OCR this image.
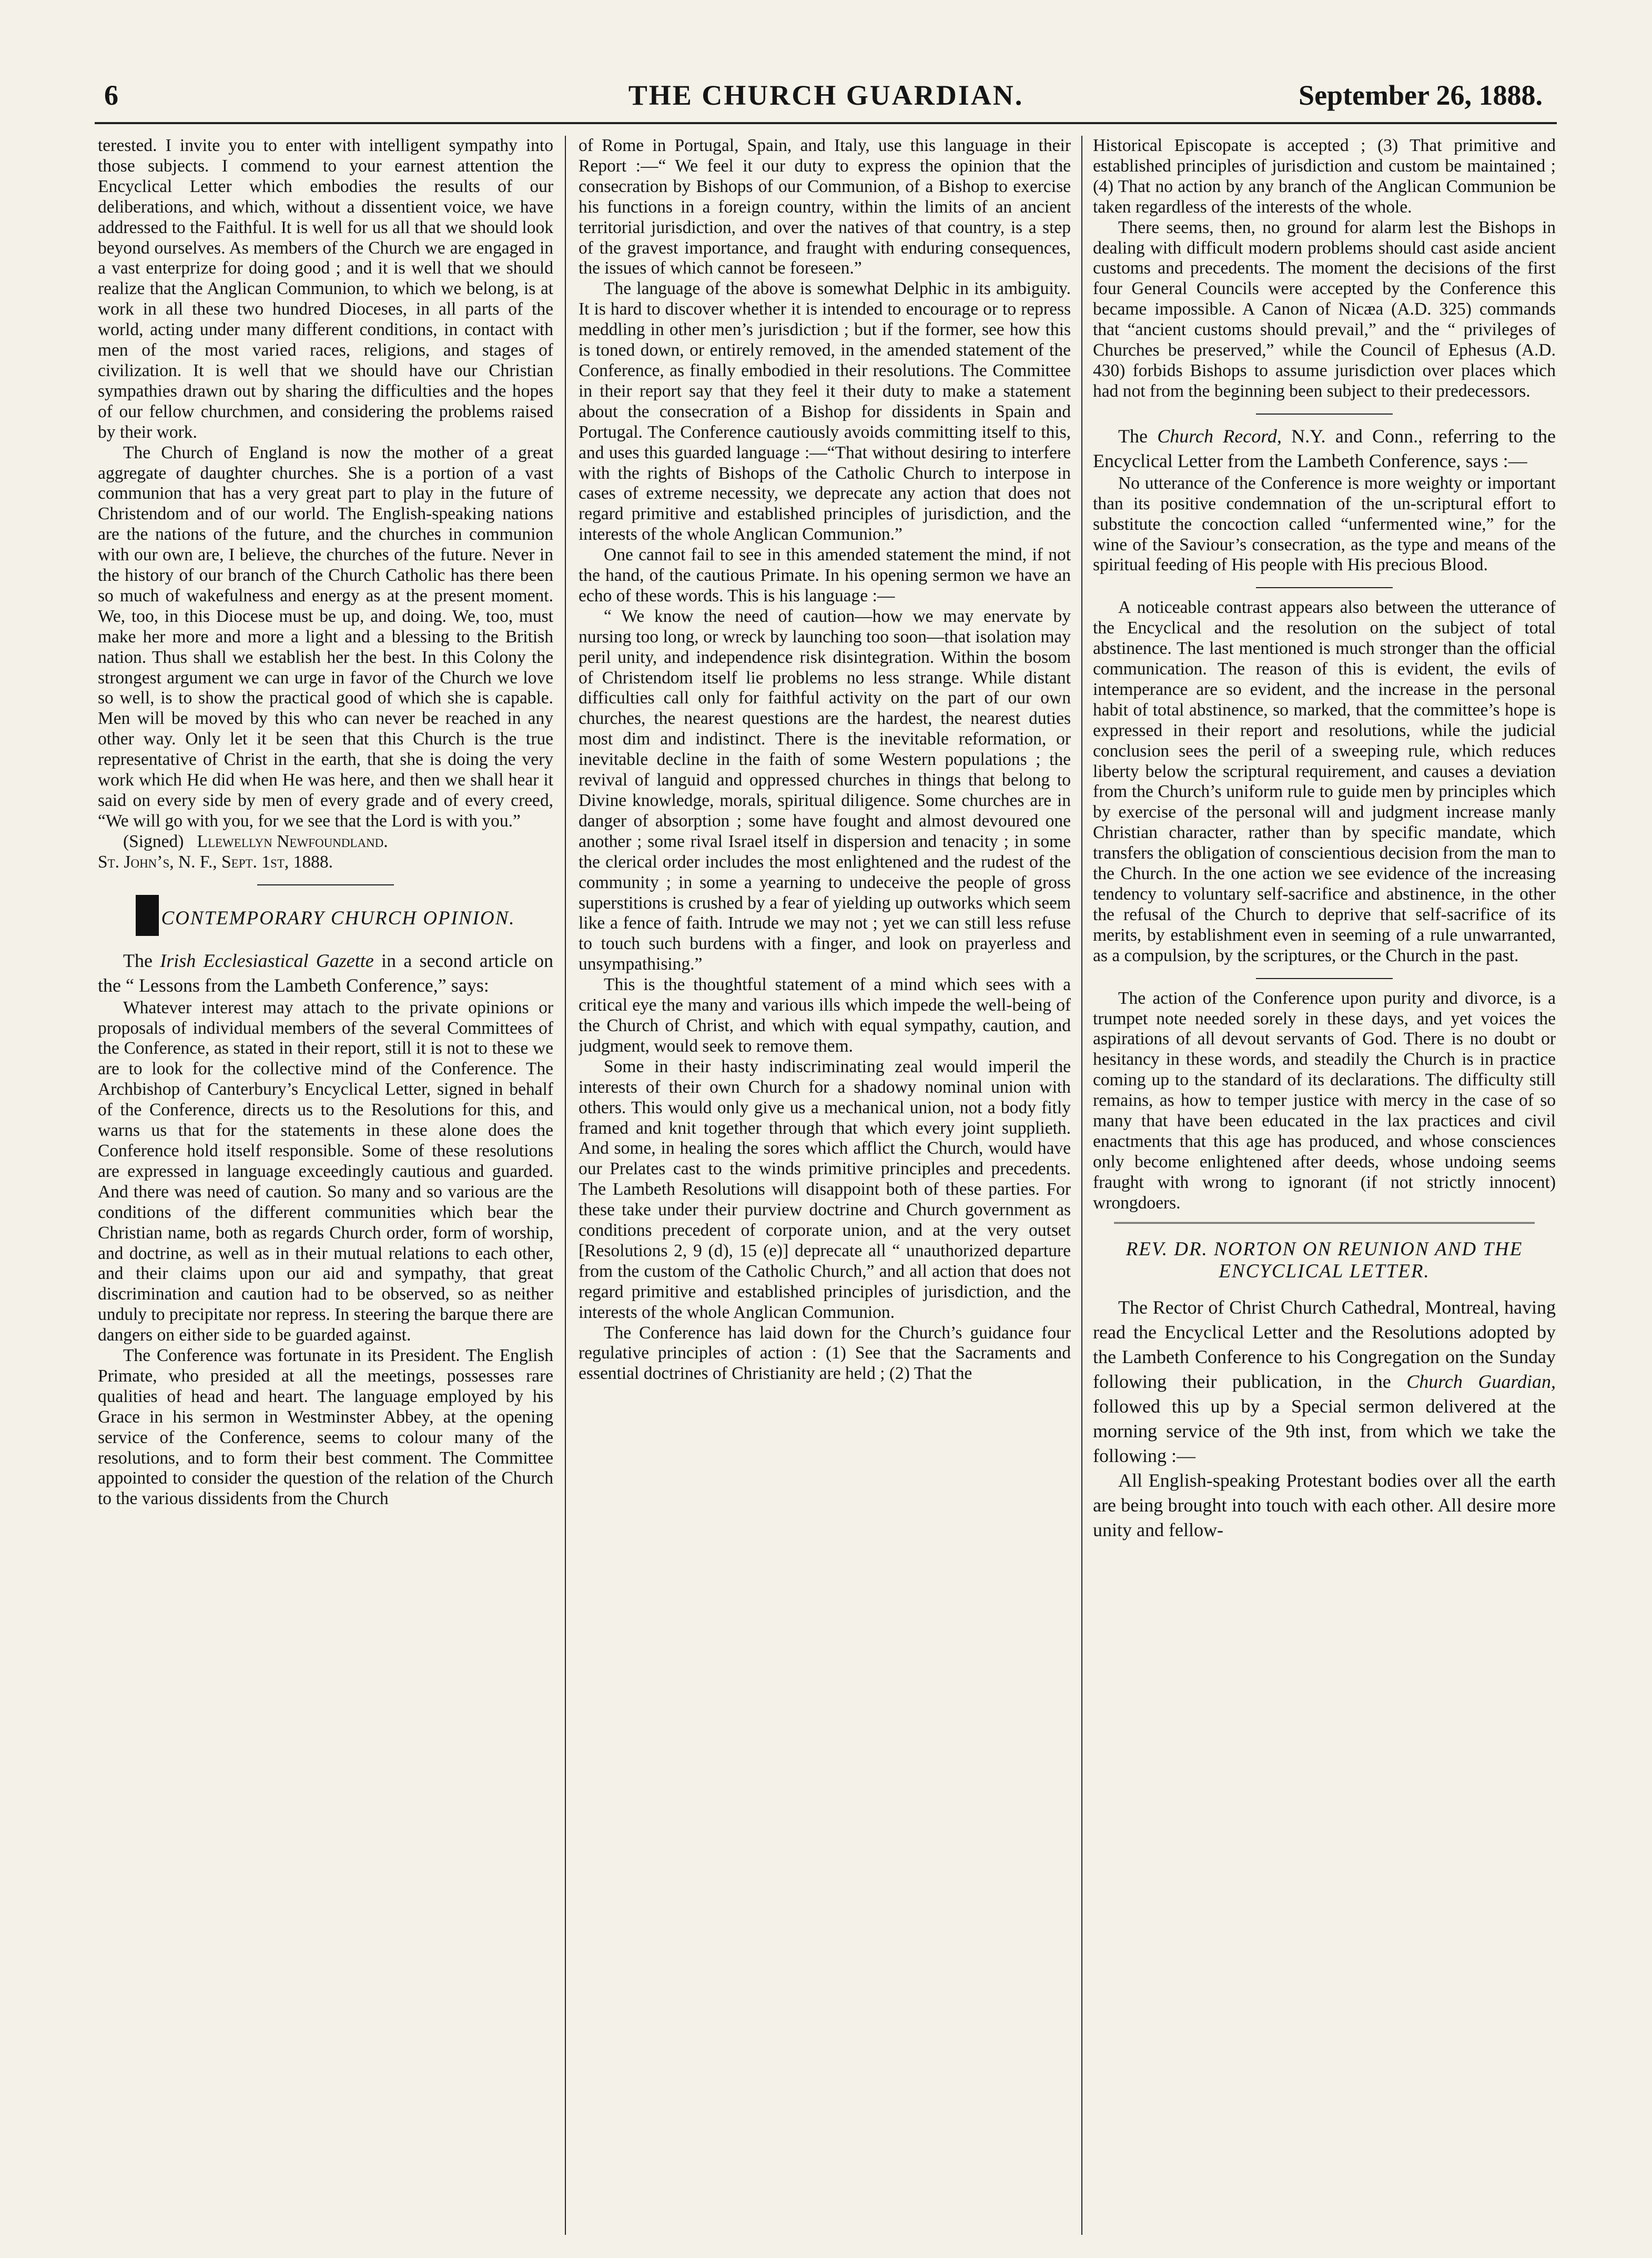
6	THE CHURCH GUARDIAN.	September 26, 1888.

terested. I invite you to enter with intelligent sympathy into those subjects. I commend to your earnest attention the Encyclical Letter which embodies the results of our deliberations, and which, without a dissentient voice, we have addressed to the Faithful. It is well for us all that we should look beyond ourselves. As members of the Church we are engaged in a vast enterprize for doing good ; and it is well that we should realize that the Anglican Communion, to which we belong, is at work in all these two hundred Dioceses, in all parts of the world, acting under many different conditions, in contact with men of the most varied races, religions, and stages of civilization. It is well that we should have our Christian sympathies drawn out by sharing the difficulties and the hopes of our fellow churchmen, and considering the problems raised by their work.

The Church of England is now the mother of a great aggregate of daughter churches. She is a portion of a vast communion that has a very great part to play in the future of Christendom and of our world. The English-speaking nations are the nations of the future, and the churches in communion with our own are, I believe, the churches of the future. Never in the history of our branch of the Church Catholic has there been so much of wakefulness and energy as at the present moment. We, too, in this Diocese must be up, and doing. We, too, must make her more and more a light and a blessing to the British nation. Thus shall we establish her the best. In this Colony the strongest argument we can urge in favor of the Church we love so well, is to show the practical good of which she is capable. Men will be moved by this who can never be reached in any other way. Only let it be seen that this Church is the true representative of Christ in the earth, that she is doing the very work which He did when He was here, and then we shall hear it said on every side by men of every grade and of every creed, “We will go with you, for we see that the Lord is with you.”

(Signed) Llewellyn Newfoundland.

St. John’s, N. F., Sept. 1st, 1888.

CONTEMPORARY CHURCH OPINION.

The Irish Ecclesiastical Gazette in a second article on the “ Lessons from the Lambeth Conference,” says:

Whatever interest may attach to the private opinions or proposals of individual members of the several Committees of the Conference, as stated in their report, still it is not to these we are to look for the collective mind of the Conference. The Archbishop of Canterbury’s Encyclical Letter, signed in behalf of the Conference, directs us to the Resolutions for this, and warns us that for the statements in these alone does the Conference hold itself responsible. Some of these resolutions are expressed in language exceedingly cautious and guarded. And there was need of caution. So many and so various are the conditions of the different communities which bear the Christian name, both as regards Church order, form of worship, and doctrine, as well as in their mutual relations to each other, and their claims upon our aid and sympathy, that great discrimination and caution had to be observed, so as neither unduly to precipitate nor repress. In steering the barque there are dangers on either side to be guarded against.

The Conference was fortunate in its President. The English Primate, who presided at all the meetings, possesses rare qualities of head and heart. The language employed by his Grace in his sermon in Westminster Abbey, at the opening service of the Conference, seems to colour many of the resolutions, and to form their best comment. The Committee appointed to consider the question of the relation of the Church to the various dissidents from the Church

of Rome in Portugal, Spain, and Italy, use this language in their Report :—“ We feel it our duty to express the opinion that the consecration by Bishops of our Communion, of a Bishop to exercise his functions in a foreign country, within the limits of an ancient territorial jurisdiction, and over the natives of that country, is a step of the gravest importance, and fraught with enduring consequences, the issues of which cannot be foreseen.”

The language of the above is somewhat Delphic in its ambiguity. It is hard to discover whether it is intended to encourage or to repress meddling in other men’s jurisdiction ; but if the former, see how this is toned down, or entirely removed, in the amended statement of the Conference, as finally embodied in their resolutions. The Committee in their report say that they feel it their duty to make a statement about the consecration of a Bishop for dissidents in Spain and Portugal. The Conference cautiously avoids committing itself to this, and uses this guarded language :—“That without desiring to interfere with the rights of Bishops of the Catholic Church to interpose in cases of extreme necessity, we deprecate any action that does not regard primitive and established principles of jurisdiction, and the interests of the whole Anglican Communion.”

One cannot fail to see in this amended statement the mind, if not the hand, of the cautious Primate. In his opening sermon we have an echo of these words. This is his language :—

“ We know the need of caution—how we may enervate by nursing too long, or wreck by launching too soon—that isolation may peril unity, and independence risk disintegration. Within the bosom of Christendom itself lie problems no less strange. While distant difficulties call only for faithful activity on the part of our own churches, the nearest questions are the hardest, the nearest duties most dim and indistinct. There is the inevitable reformation, or inevitable decline in the faith of some Western populations ; the revival of languid and oppressed churches in things that belong to Divine knowledge, morals, spiritual diligence. Some churches are in danger of absorption ; some have fought and almost devoured one another ; some rival Israel itself in dispersion and tenacity ; in some the clerical order includes the most enlightened and the rudest of the community ; in some a yearning to undeceive the people of gross superstitions is crushed by a fear of yielding up outworks which seem like a fence of faith. Intrude we may not ; yet we can still less refuse to touch such burdens with a finger, and look on prayerless and unsympathising.”

This is the thoughtful statement of a mind which sees with a critical eye the many and various ills which impede the well-being of the Church of Christ, and which with equal sympathy, caution, and judgment, would seek to remove them.

Some in their hasty indiscriminating zeal would imperil the interests of their own Church for a shadowy nominal union with others. This would only give us a mechanical union, not a body fitly framed and knit together through that which every joint supplieth. And some, in healing the sores which afflict the Church, would have our Prelates cast to the winds primitive principles and precedents. The Lambeth Resolutions will disappoint both of these parties. For these take under their purview doctrine and Church government as conditions precedent of corporate union, and at the very outset [Resolutions 2, 9 (d), 15 (e)] deprecate all “ unauthorized departure from the custom of the Catholic Church,” and all action that does not regard primitive and established principles of jurisdiction, and the interests of the whole Anglican Communion.

The Conference has laid down for the Church’s guidance four regulative principles of action : (1) See that the Sacraments and essential doctrines of Christianity are held ; (2) That the

Historical Episcopate is accepted ; (3) That primitive and established principles of jurisdiction and custom be maintained ; (4) That no action by any branch of the Anglican Communion be taken regardless of the interests of the whole.

There seems, then, no ground for alarm lest the Bishops in dealing with difficult modern problems should cast aside ancient customs and precedents. The moment the decisions of the first four General Councils were accepted by the Conference this became impossible. A Canon of Nicæa (A.D. 325) commands that “ancient customs should prevail,” and the “ privileges of Churches be preserved,” while the Council of Ephesus (A.D. 430) forbids Bishops to assume jurisdiction over places which had not from the beginning been subject to their predecessors.

The Church Record, N.Y. and Conn., referring to the Encyclical Letter from the Lambeth Conference, says :—

No utterance of the Conference is more weighty or important than its positive condemnation of the un-scriptural effort to substitute the concoction called “unfermented wine,” for the wine of the Saviour’s consecration, as the type and means of the spiritual feeding of His people with His precious Blood.

A noticeable contrast appears also between the utterance of the Encyclical and the resolution on the subject of total abstinence. The last mentioned is much stronger than the official communication. The reason of this is evident, the evils of intemperance are so evident, and the increase in the personal habit of total abstinence, so marked, that the committee’s hope is expressed in their report and resolutions, while the judicial conclusion sees the peril of a sweeping rule, which reduces liberty below the scriptural requirement, and causes a deviation from the Church’s uniform rule to guide men by principles which by exercise of the personal will and judgment increase manly Christian character, rather than by specific mandate, which transfers the obligation of conscientious decision from the man to the Church. In the one action we see evidence of the increasing tendency to voluntary self-sacrifice and abstinence, in the other the refusal of the Church to deprive that self-sacrifice of its merits, by establishment even in seeming of a rule unwarranted, as a compulsion, by the scriptures, or the Church in the past.

The action of the Conference upon purity and divorce, is a trumpet note needed sorely in these days, and yet voices the aspirations of all devout servants of God. There is no doubt or hesitancy in these words, and steadily the Church is in practice coming up to the standard of its declarations. The difficulty still remains, as how to temper justice with mercy in the case of so many that have been educated in the lax practices and civil enactments that this age has produced, and whose consciences only become enlightened after deeds, whose undoing seems fraught with wrong to ignorant (if not strictly innocent) wrongdoers.

REV. DR. NORTON ON REUNION AND THE ENCYCLICAL LETTER.

The Rector of Christ Church Cathedral, Montreal, having read the Encyclical Letter and the Resolutions adopted by the Lambeth Conference to his Congregation on the Sunday following their publication, in the Church Guardian, followed this up by a Special sermon delivered at the morning service of the 9th inst, from which we take the following :—

All English-speaking Protestant bodies over all the earth are being brought into touch with each other. All desire more unity and fellow-
